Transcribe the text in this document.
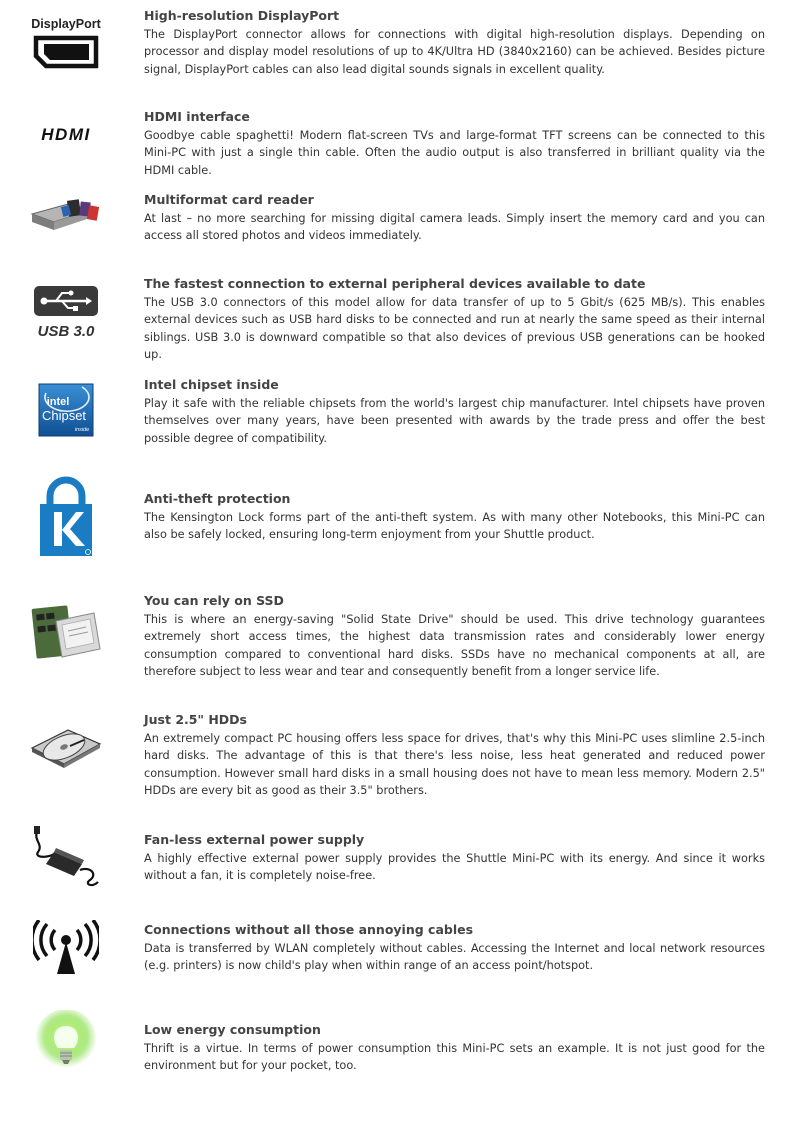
DisplayPort

High-resolution DisplayPort

The DisplayPort connector allows for connections with digital high-resolution displays. Depending on processor and display model resolutions of up to 4K/Ultra HD (3840x2160) can be achieved. Besides picture signal, DisplayPort cables can also lead digital sounds signals in excellent quality.

HDMI

HDMI interface

Goodbye cable spaghetti! Modern flat-screen TVs and large-format TFT screens can be connected to this Mini-PC with just a single thin cable. Often the audio output is also transferred in brilliant quality via the HDMI cable.

Multiformat card reader

At last – no more searching for missing digital camera leads. Simply insert the memory card and you can access all stored photos and videos immediately.

USB 3.0

The fastest connection to external peripheral devices available to date

The USB 3.0 connectors of this model allow for data transfer of up to 5 Gbit/s (625 MB/s). This enables external devices such as USB hard disks to be connected and run at nearly the same speed as their internal siblings. USB 3.0 is downward compatible so that also devices of previous USB generations can be hooked up.

intel
Chipset
inside

Intel chipset inside

Play it safe with the reliable chipsets from the world's largest chip manufacturer. Intel chipsets have proven themselves over many years, have been presented with awards by the trade press and offer the best possible degree of compatibility.

Anti-theft protection

The Kensington Lock forms part of the anti-theft system. As with many other Notebooks, this Mini-PC can also be safely locked, ensuring long-term enjoyment from your Shuttle product.

You can rely on SSD

This is where an energy-saving "Solid State Drive" should be used. This drive technology guarantees extremely short access times, the highest data transmission rates and considerably lower energy consumption compared to conventional hard disks. SSDs have no mechanical components at all, are therefore subject to less wear and tear and consequently benefit from a longer service life.

Just 2.5" HDDs

An extremely compact PC housing offers less space for drives, that's why this Mini-PC uses slimline 2.5-inch hard disks. The advantage of this is that there's less noise, less heat generated and reduced power consumption. However small hard disks in a small housing does not have to mean less memory. Modern 2.5" HDDs are every bit as good as their 3.5" brothers.

Fan-less external power supply

A highly effective external power supply provides the Shuttle Mini-PC with its energy. And since it works without a fan, it is completely noise-free.

Connections without all those annoying cables

Data is transferred by WLAN completely without cables. Accessing the Internet and local network resources (e.g. printers) is now child's play when within range of an access point/hotspot.

Low energy consumption

Thrift is a virtue. In terms of power consumption this Mini-PC sets an example. It is not just good for the environment but for your pocket, too.
